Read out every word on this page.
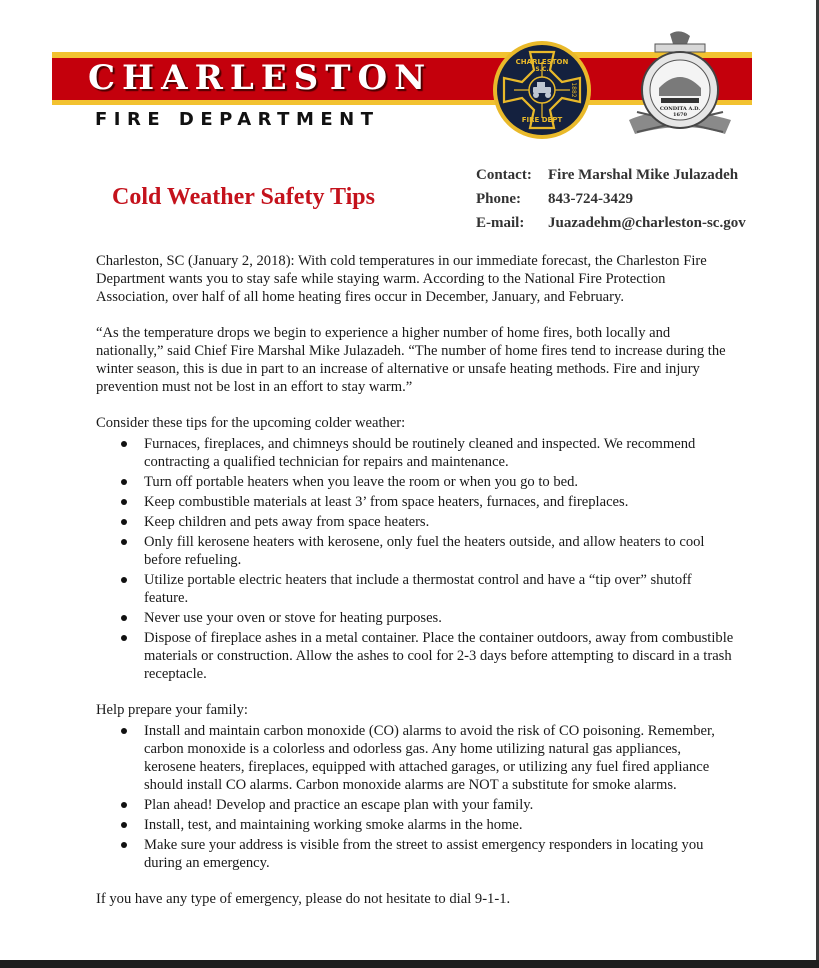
CHARLESTON
FIRE DEPARTMENT
CHARLESTON
S.C.
FIRE DEPT
1882
CONDITA A.D.
1670
Cold Weather Safety Tips
Contact:	Fire Marshal Mike Julazadeh
Phone:	843-724-3429
E-mail:	Juazadehm@charleston-sc.gov

Charleston, SC (January 2, 2018): With cold temperatures in our immediate forecast, the Charleston Fire Department wants you to stay safe while staying warm. According to the National Fire Protection Association, over half of all home heating fires occur in December, January, and February.

“As the temperature drops we begin to experience a higher number of home fires, both locally and nationally,” said Chief Fire Marshal Mike Julazadeh. “The number of home fires tend to increase during the winter season, this is due in part to an increase of alternative or unsafe heating methods. Fire and injury prevention must not be lost in an effort to stay warm.”

Consider these tips for the upcoming colder weather:

Furnaces, fireplaces, and chimneys should be routinely cleaned and inspected. We recommend contracting a qualified technician for repairs and maintenance.
Turn off portable heaters when you leave the room or when you go to bed.
Keep combustible materials at least 3’ from space heaters, furnaces, and fireplaces.
Keep children and pets away from space heaters.
Only fill kerosene heaters with kerosene, only fuel the heaters outside, and allow heaters to cool before refueling.
Utilize portable electric heaters that include a thermostat control and have a “tip over” shutoff feature.
Never use your oven or stove for heating purposes.
Dispose of fireplace ashes in a metal container. Place the container outdoors, away from combustible materials or construction. Allow the ashes to cool for 2-3 days before attempting to discard in a trash receptacle.

Help prepare your family:

Install and maintain carbon monoxide (CO) alarms to avoid the risk of CO poisoning. Remember, carbon monoxide is a colorless and odorless gas. Any home utilizing natural gas appliances, kerosene heaters, fireplaces, equipped with attached garages, or utilizing any fuel fired appliance should install CO alarms. Carbon monoxide alarms are NOT a substitute for smoke alarms.
Plan ahead! Develop and practice an escape plan with your family.
Install, test, and maintaining working smoke alarms in the home.
Make sure your address is visible from the street to assist emergency responders in locating you during an emergency.

If you have any type of emergency, please do not hesitate to dial 9-1-1.
